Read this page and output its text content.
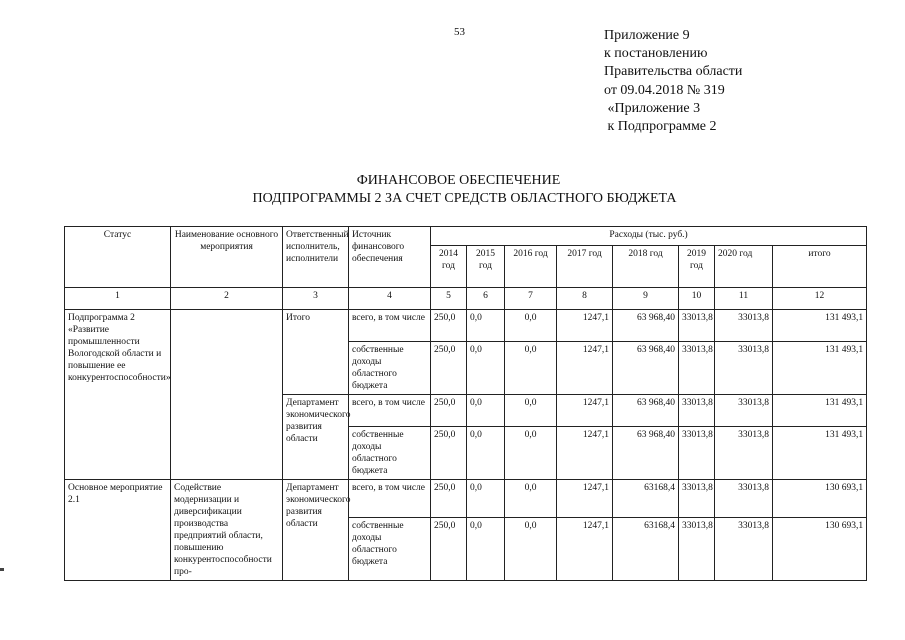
53	Приложение 9
к постановлению
Правительства области
от 09.04.2018 № 319
«Приложение 3
к Подпрограмме 2
ФИНАНСОВОЕ ОБЕСПЕЧЕНИЕ
ПОДПРОГРАММЫ 2 ЗА СЧЕТ СРЕДСТВ ОБЛАСТНОГО БЮДЖЕТА
Статус	Наименование основного мероприятия	Ответственный исполнитель, исполнители	Источник финансового обеспечения	Расходы (тыс. руб.)							
				2014 год	2015 год	2016 год	2017 год	2018 год	2019 год	2020 год	итого
1	2	3	4	5	6	7	8	9	10	11	12
Подпрограмма 2 «Развитие промышленности Вологодской области и повышение ее конкурентоспособности»		Итого	всего, в том числе	250,0	0,0	0,0	1247,1	63 968,40	33013,8	33013,8	131 493,1
			собственные доходы областного бюджета	250,0	0,0	0,0	1247,1	63 968,40	33013,8	33013,8	131 493,1
		Департамент экономического развития области	всего, в том числе	250,0	0,0	0,0	1247,1	63 968,40	33013,8	33013,8	131 493,1
			собственные доходы областного бюджета	250,0	0,0	0,0	1247,1	63 968,40	33013,8	33013,8	131 493,1
Основное мероприятие 2.1	Содействие модернизации и диверсификации производства предприятий области, повышению конкурентоспособности про-	Департамент экономического развития области	всего, в том числе	250,0	0,0	0,0	1247,1	63168,4	33013,8	33013,8	130 693,1
			собственные доходы областного бюджета	250,0	0,0	0,0	1247,1	63168,4	33013,8	33013,8	130 693,1
